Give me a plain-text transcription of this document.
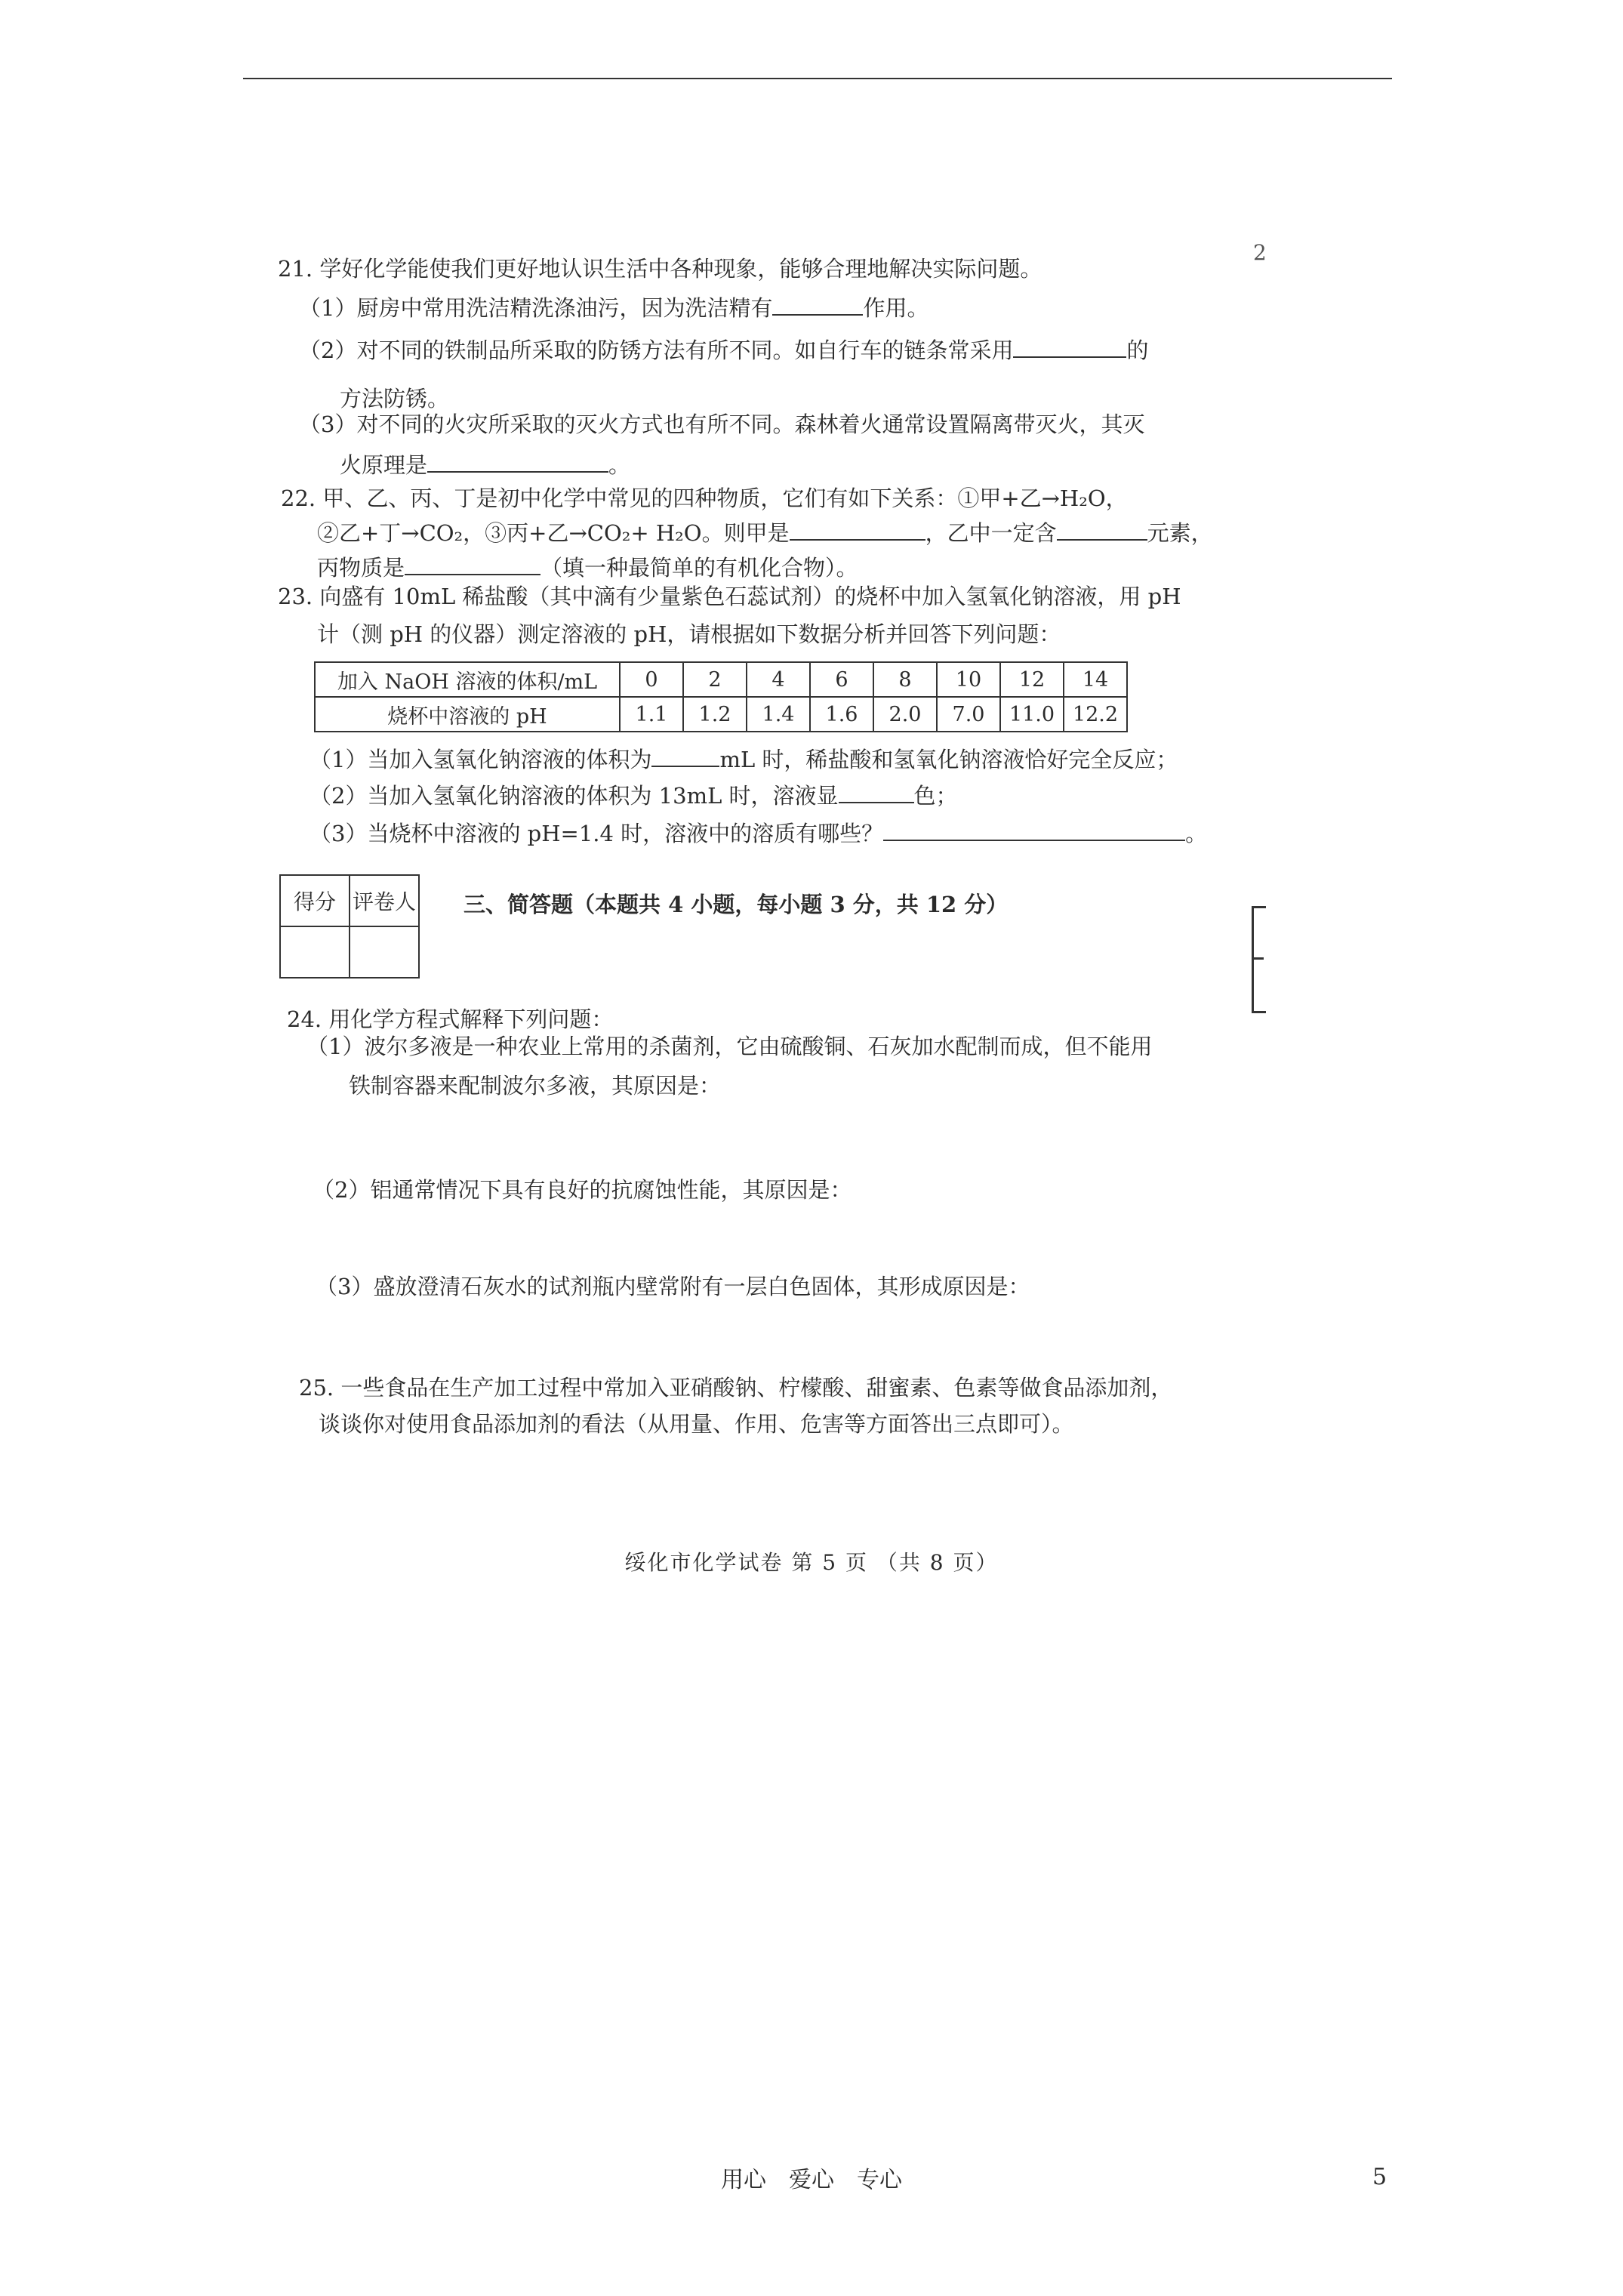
2
21. 学好化学能使我们更好地认识生活中各种现象，能够合理地解决实际问题。
（1）厨房中常用洗洁精洗涤油污，因为洗洁精有	作用。
（2）对不同的铁制品所采取的防锈方法有所不同。如自行车的链条常采用	的
方法防锈。
（3）对不同的火灾所采取的灭火方式也有所不同。森林着火通常设置隔离带灭火，其灭
火原理是	。
22. 甲、乙、丙、丁是初中化学中常见的四种物质，它们有如下关系：①甲+乙→H₂O，
②乙+丁→CO₂，③丙+乙→CO₂+ H₂O。则甲是	，乙中一定含	元素，
丙物质是	（填一种最简单的有机化合物）。
23. 向盛有 10mL 稀盐酸（其中滴有少量紫色石蕊试剂）的烧杯中加入氢氧化钠溶液，用 pH
计（测 pH 的仪器）测定溶液的 pH，请根据如下数据分析并回答下列问题：
加入 NaOH 溶液的体积/mL	0	2	4	6	8	10	12	14
烧杯中溶液的 pH	1.1	1.2	1.4	1.6	2.0	7.0	11.0	12.2
（1）当加入氢氧化钠溶液的体积为	mL 时，稀盐酸和氢氧化钠溶液恰好完全反应；
（2）当加入氢氧化钠溶液的体积为 13mL 时，溶液显	色；
（3）当烧杯中溶液的 pH=1.4 时，溶液中的溶质有哪些？	。
得分	评卷人
	三、简答题（本题共 4 小题，每小题 3 分，共 12 分）
24. 用化学方程式解释下列问题：
（1）波尔多液是一种农业上常用的杀菌剂，它由硫酸铜、石灰加水配制而成，但不能用
铁制容器来配制波尔多液，其原因是：
（2）铝通常情况下具有良好的抗腐蚀性能，其原因是：
（3）盛放澄清石灰水的试剂瓶内壁常附有一层白色固体，其形成原因是：
25. 一些食品在生产加工过程中常加入亚硝酸钠、柠檬酸、甜蜜素、色素等做食品添加剂，
谈谈你对使用食品添加剂的看法（从用量、作用、危害等方面答出三点即可）。
绥化市化学试卷 第 5 页 （共 8 页）
用心　爱心　专心	5
